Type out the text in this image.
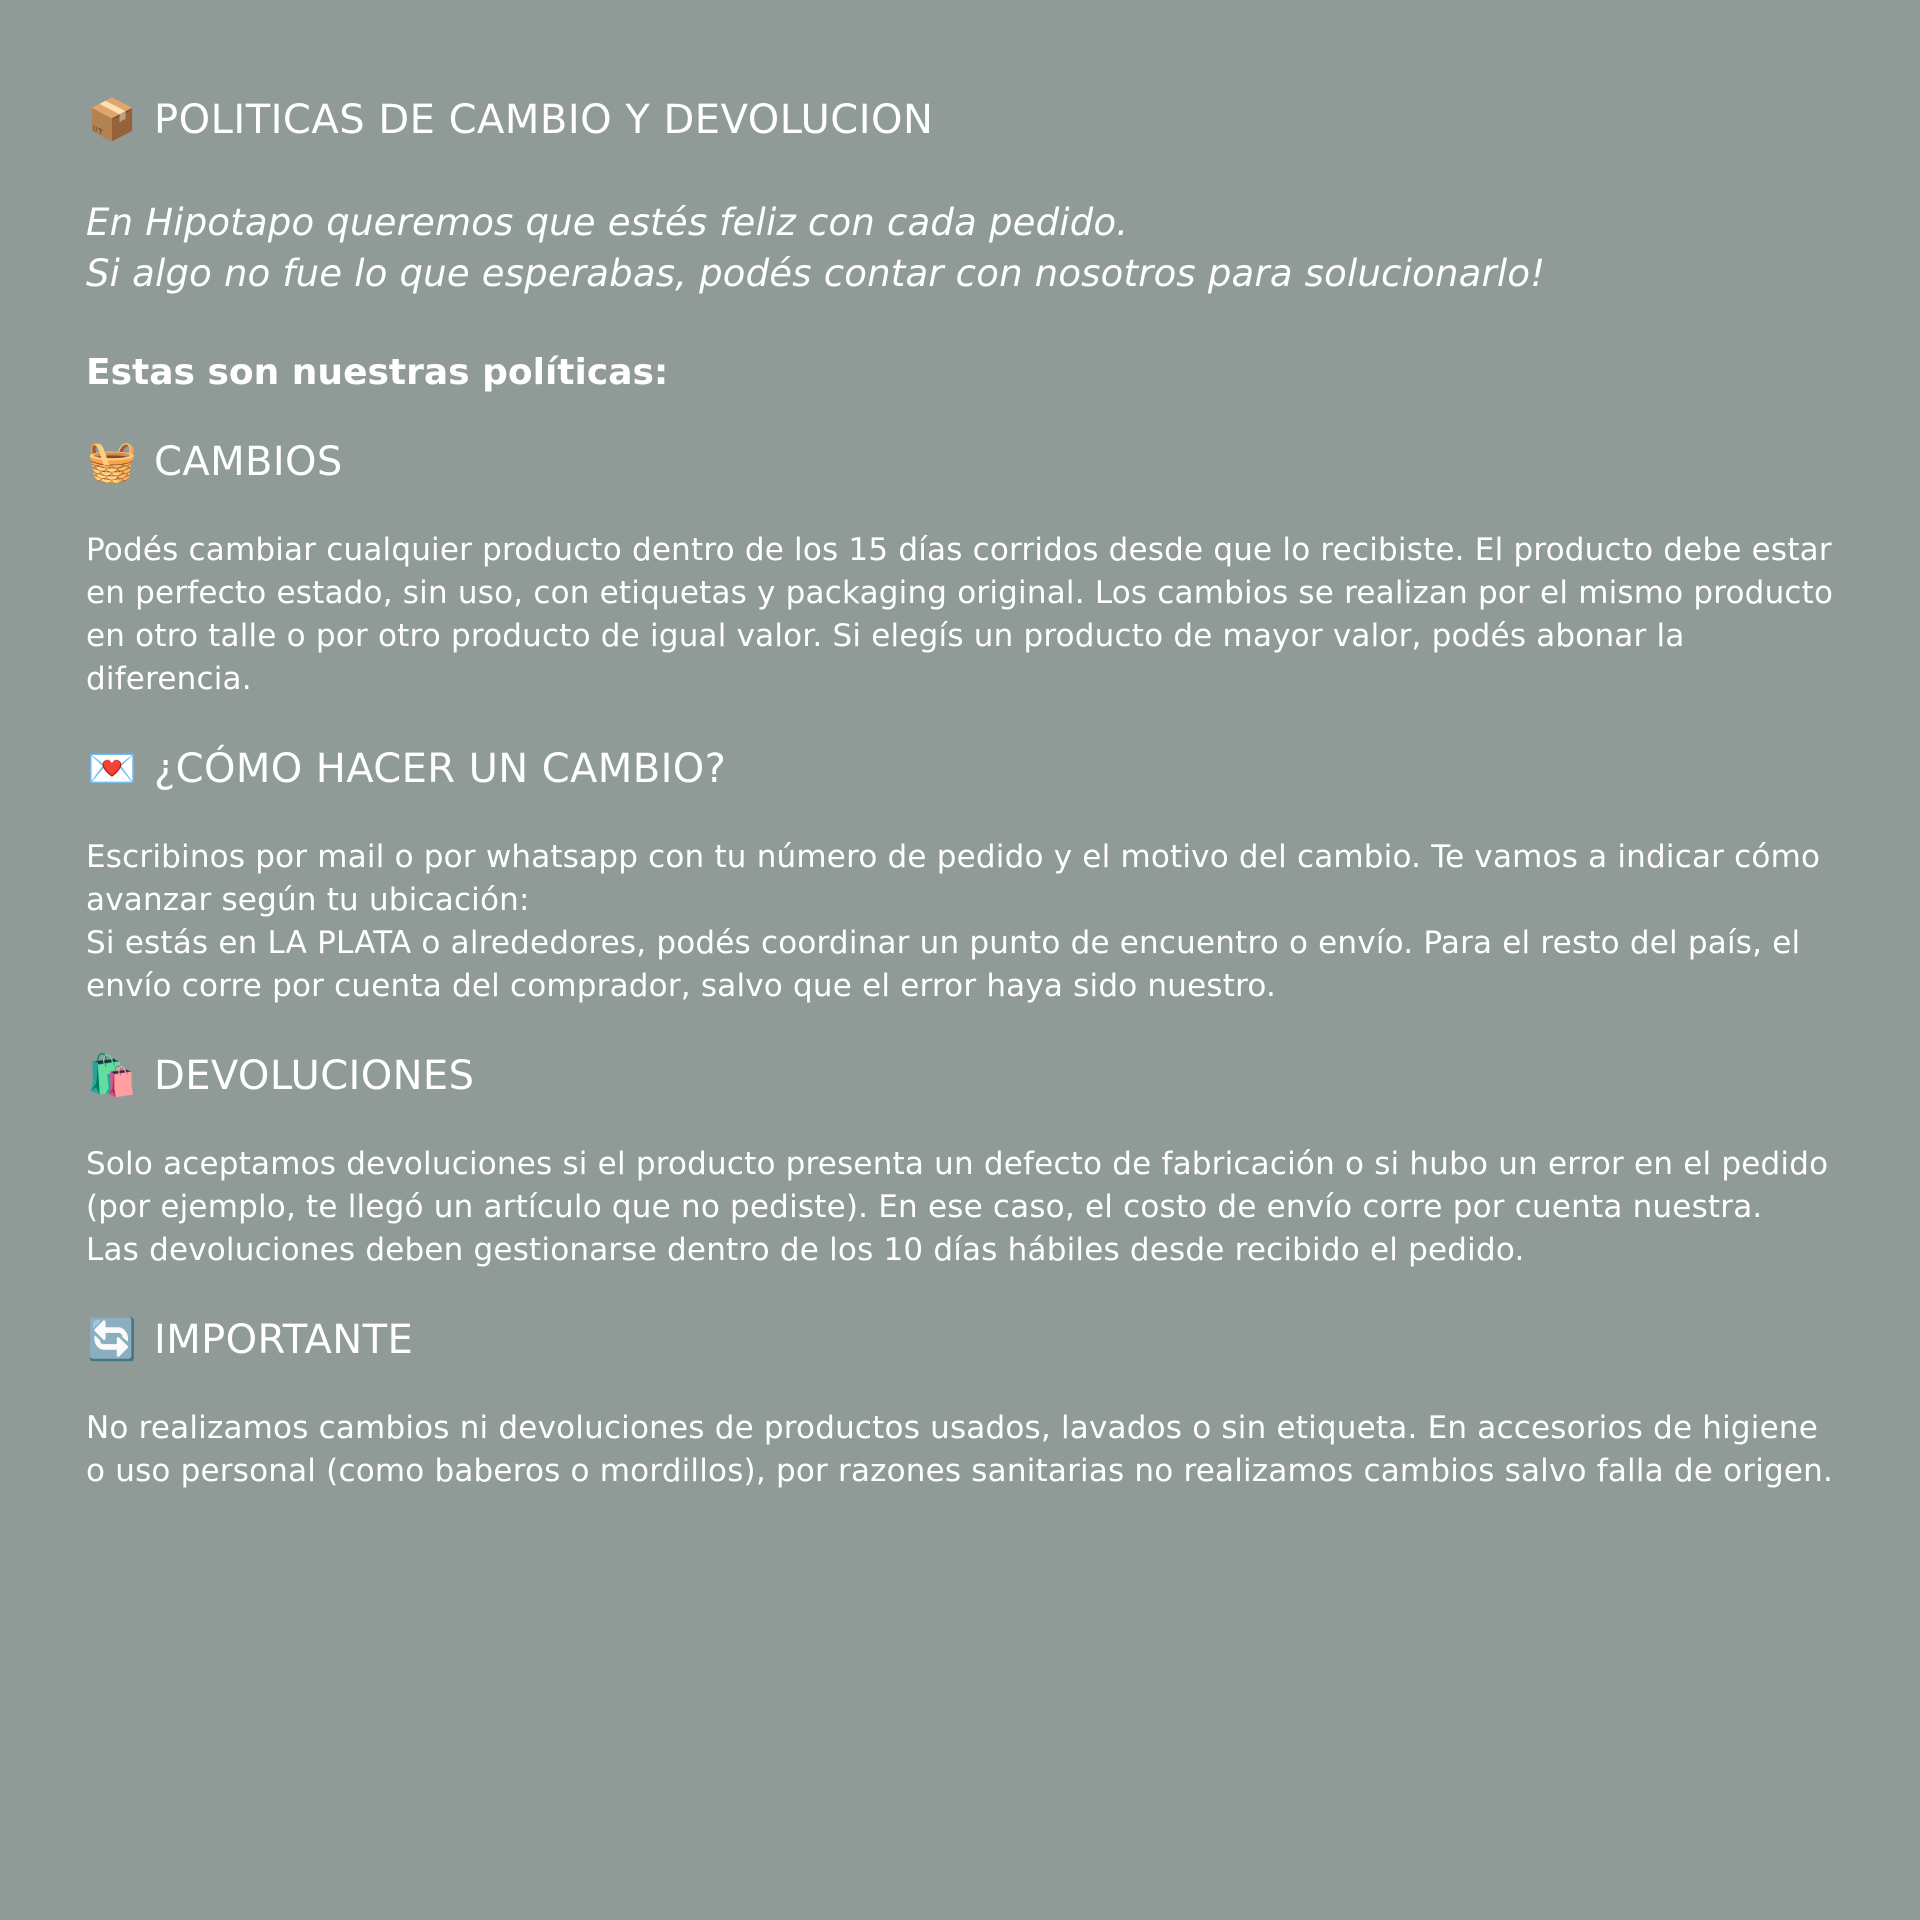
📦 POLITICAS DE CAMBIO Y DEVOLUCION
En Hipotapo queremos que estés feliz con cada pedido.
Si algo no fue lo que esperabas, podés contar con nosotros para solucionarlo!
Estas son nuestras políticas:
🧺 CAMBIOS

Podés cambiar cualquier producto dentro de los 15 días corridos desde que lo recibiste. El producto debe estar en perfecto estado, sin uso, con etiquetas y packaging original. Los cambios se realizan por el mismo producto en otro talle o por otro producto de igual valor. Si elegís un producto de mayor valor, podés abonar la diferencia.

💌 ¿CÓMO HACER UN CAMBIO?

Escribinos por mail o por whatsapp con tu número de pedido y el motivo del cambio. Te vamos a indicar cómo avanzar según tu ubicación:

Si estás en LA PLATA o alrededores, podés coordinar un punto de encuentro o envío. Para el resto del país, el envío corre por cuenta del comprador, salvo que el error haya sido nuestro.

🛍️ DEVOLUCIONES

Solo aceptamos devoluciones si el producto presenta un defecto de fabricación o si hubo un error en el pedido (por ejemplo, te llegó un artículo que no pediste). En ese caso, el costo de envío corre por cuenta nuestra.

Las devoluciones deben gestionarse dentro de los 10 días hábiles desde recibido el pedido.

🔄 IMPORTANTE

No realizamos cambios ni devoluciones de productos usados, lavados o sin etiqueta. En accesorios de higiene o uso personal (como baberos o mordillos), por razones sanitarias no realizamos cambios salvo falla de origen.
